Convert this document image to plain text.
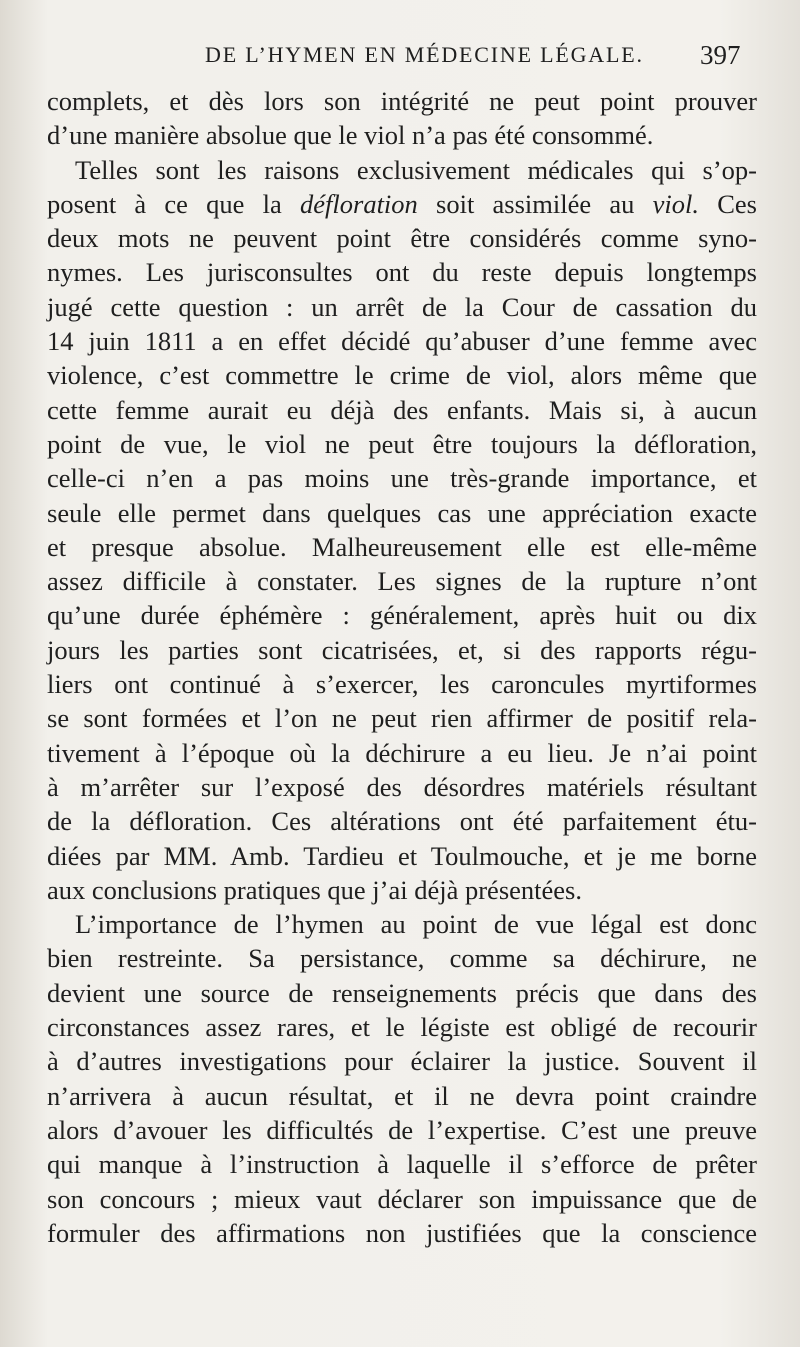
DE L’HYMEN EN MÉDECINE LÉGALE. 397
complets, et dès lors son intégrité ne peut point prouver
d’une manière absolue que le viol n’a pas été consommé.
Telles sont les raisons exclusivement médicales qui s’op-
posent à ce que la défloration soit assimilée au viol. Ces
deux mots ne peuvent point être considérés comme syno-
nymes. Les jurisconsultes ont du reste depuis longtemps
jugé cette question : un arrêt de la Cour de cassation du
14 juin 1811 a en effet décidé qu’abuser d’une femme avec
violence, c’est commettre le crime de viol, alors même que
cette femme aurait eu déjà des enfants. Mais si, à aucun
point de vue, le viol ne peut être toujours la défloration,
celle-ci n’en a pas moins une très-grande importance, et
seule elle permet dans quelques cas une appréciation exacte
et presque absolue. Malheureusement elle est elle-même
assez difficile à constater. Les signes de la rupture n’ont
qu’une durée éphémère : généralement, après huit ou dix
jours les parties sont cicatrisées, et, si des rapports régu-
liers ont continué à s’exercer, les caroncules myrtiformes
se sont formées et l’on ne peut rien affirmer de positif rela-
tivement à l’époque où la déchirure a eu lieu. Je n’ai point
à m’arrêter sur l’exposé des désordres matériels résultant
de la défloration. Ces altérations ont été parfaitement étu-
diées par MM. Amb. Tardieu et Toulmouche, et je me borne
aux conclusions pratiques que j’ai déjà présentées.
L’importance de l’hymen au point de vue légal est donc
bien restreinte. Sa persistance, comme sa déchirure, ne
devient une source de renseignements précis que dans des
circonstances assez rares, et le légiste est obligé de recourir
à d’autres investigations pour éclairer la justice. Souvent il
n’arrivera à aucun résultat, et il ne devra point craindre
alors d’avouer les difficultés de l’expertise. C’est une preuve
qui manque à l’instruction à laquelle il s’efforce de prêter
son concours ; mieux vaut déclarer son impuissance que de
formuler des affirmations non justifiées que la conscience
